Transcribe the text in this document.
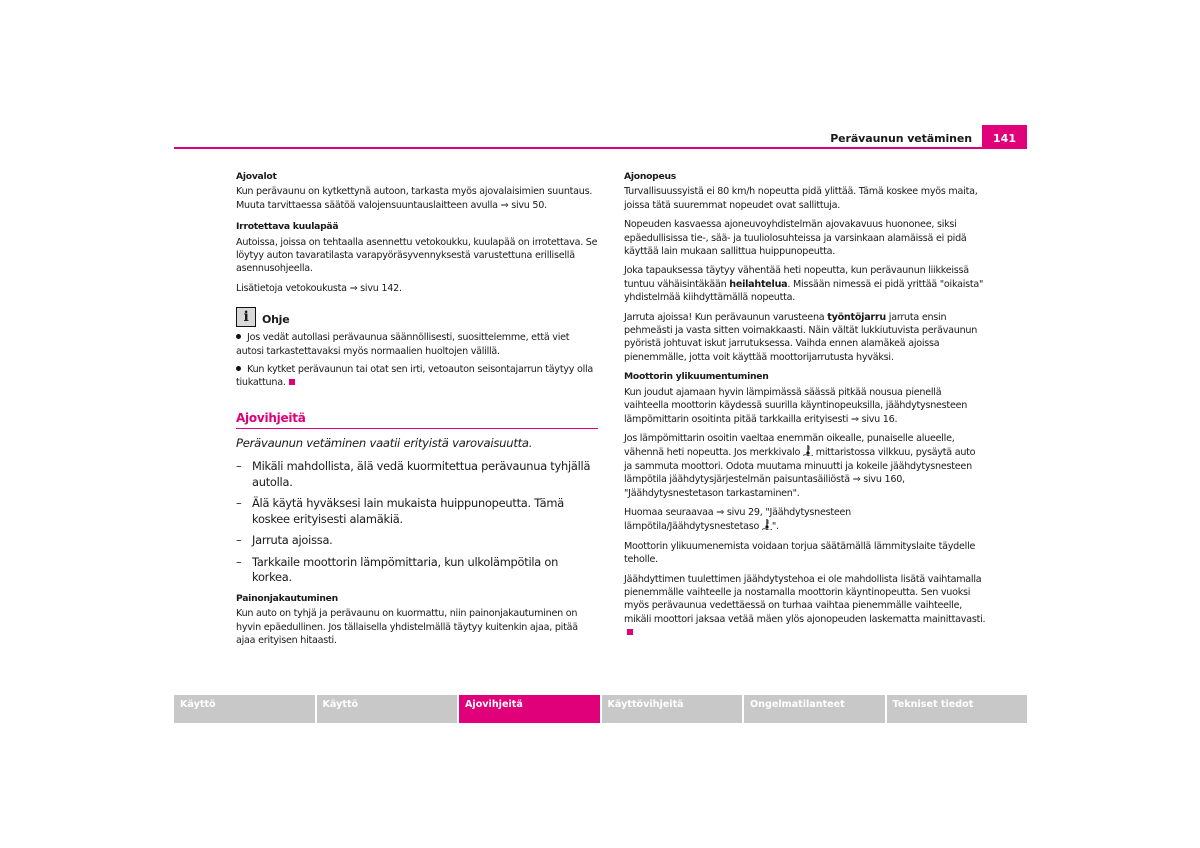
141
Perävaunun vetäminen
Ajovalot
Kun perävaunu on kytkettynä autoon, tarkasta myös ajovalaisimien suuntaus. Muuta tarvittaessa säätöä valojensuuntauslaitteen avulla ⇒ sivu 50.
Irrotettava kuulapää
Autoissa, joissa on tehtaalla asennettu vetokoukku, kuulapää on irrotettava. Se löytyy auton tavaratilasta varapyöräsyvennyksestä varustettuna erillisellä asennusohjeella.
Lisätietoja vetokoukusta ⇒ sivu 142.
i	Ohje
Jos vedät autollasi perävaunua säännöllisesti, suosittelemme, että viet autosi tarkastettavaksi myös normaalien huoltojen välillä.
Kun kytket perävaunun tai otat sen irti, vetoauton seisontajarrun täytyy olla tiukattuna.
Ajovihjeitä
Perävaunun vetäminen vaatii erityistä varovaisuutta.
– Mikäli mahdollista, älä vedä kuormitettua perävaunua tyhjällä autolla.
– Älä käytä hyväksesi lain mukaista huippunopeutta. Tämä koskee erityisesti alamäkiä.
– Jarruta ajoissa.
– Tarkkaile moottorin lämpömittaria, kun ulkolämpötila on korkea.
Painonjakautuminen
Kun auto on tyhjä ja perävaunu on kuormattu, niin painonjakautuminen on hyvin epäedullinen. Jos tällaisella yhdistelmällä täytyy kuitenkin ajaa, pitää ajaa erityisen hitaasti.
Ajonopeus
Turvallisuussyistä ei 80 km/h nopeutta pidä ylittää. Tämä koskee myös maita, joissa tätä suuremmat nopeudet ovat sallittuja.
Nopeuden kasvaessa ajoneuvoyhdistelmän ajovakavuus huononee, siksi epäedullisissa tie-, sää- ja tuuliolosuhteissa ja varsinkaan alamäissä ei pidä käyttää lain mukaan sallittua huippunopeutta.
Joka tapauksessa täytyy vähentää heti nopeutta, kun perävaunun liikkeissä tuntuu vähäisintäkään heilahtelua. Missään nimessä ei pidä yrittää "oikaista" yhdistelmää kiihdyttämällä nopeutta.
Jarruta ajoissa! Kun perävaunun varusteena työntöjarru jarruta ensin pehmeästi ja vasta sitten voimakkaasti. Näin vältät lukkiutuvista perävaunun pyöristä johtuvat iskut jarrutuksessa. Vaihda ennen alamäkeä ajoissa pienemmälle, jotta voit käyttää moottorijarrutusta hyväksi.
Moottorin ylikuumentuminen
Kun joudut ajamaan hyvin lämpimässä säässä pitkää nousua pienellä vaihteella moottorin käydessä suurilla käyntinopeuksilla, jäähdytysnesteen lämpömittarin osoitinta pitää tarkkailla erityisesti ⇒ sivu 16.
Jos lämpömittarin osoitin vaeltaa enemmän oikealle, punaiselle alueelle, vähennä heti nopeutta. Jos merkkivalo  mittaristossa vilkkuu, pysäytä auto ja sammuta moottori. Odota muutama minuutti ja kokeile jäähdytysnesteen lämpötila jäähdytysjärjestelmän paisuntasäiliöstä ⇒ sivu 160, "Jäähdytysnestetason tarkastaminen".
Huomaa seuraavaa ⇒ sivu 29, "Jäähdytysnesteen lämpötila/Jäähdytysnestetaso ".
Moottorin ylikuumenemista voidaan torjua säätämällä lämmityslaite täydelle teholle.
Jäähdyttimen tuulettimen jäähdytystehoa ei ole mahdollista lisätä vaihtamalla pienemmälle vaihteelle ja nostamalla moottorin käyntinopeutta. Sen vuoksi myös perävaunua vedettäessä on turhaa vaihtaa pienemmälle vaihteelle, mikäli moottori jaksaa vetää mäen ylös ajonopeuden laskematta mainittavasti.
Käyttö	Käyttö	Ajovihjeitä	Käyttövihjeitä	Ongelmatilanteet	Tekniset tiedot
